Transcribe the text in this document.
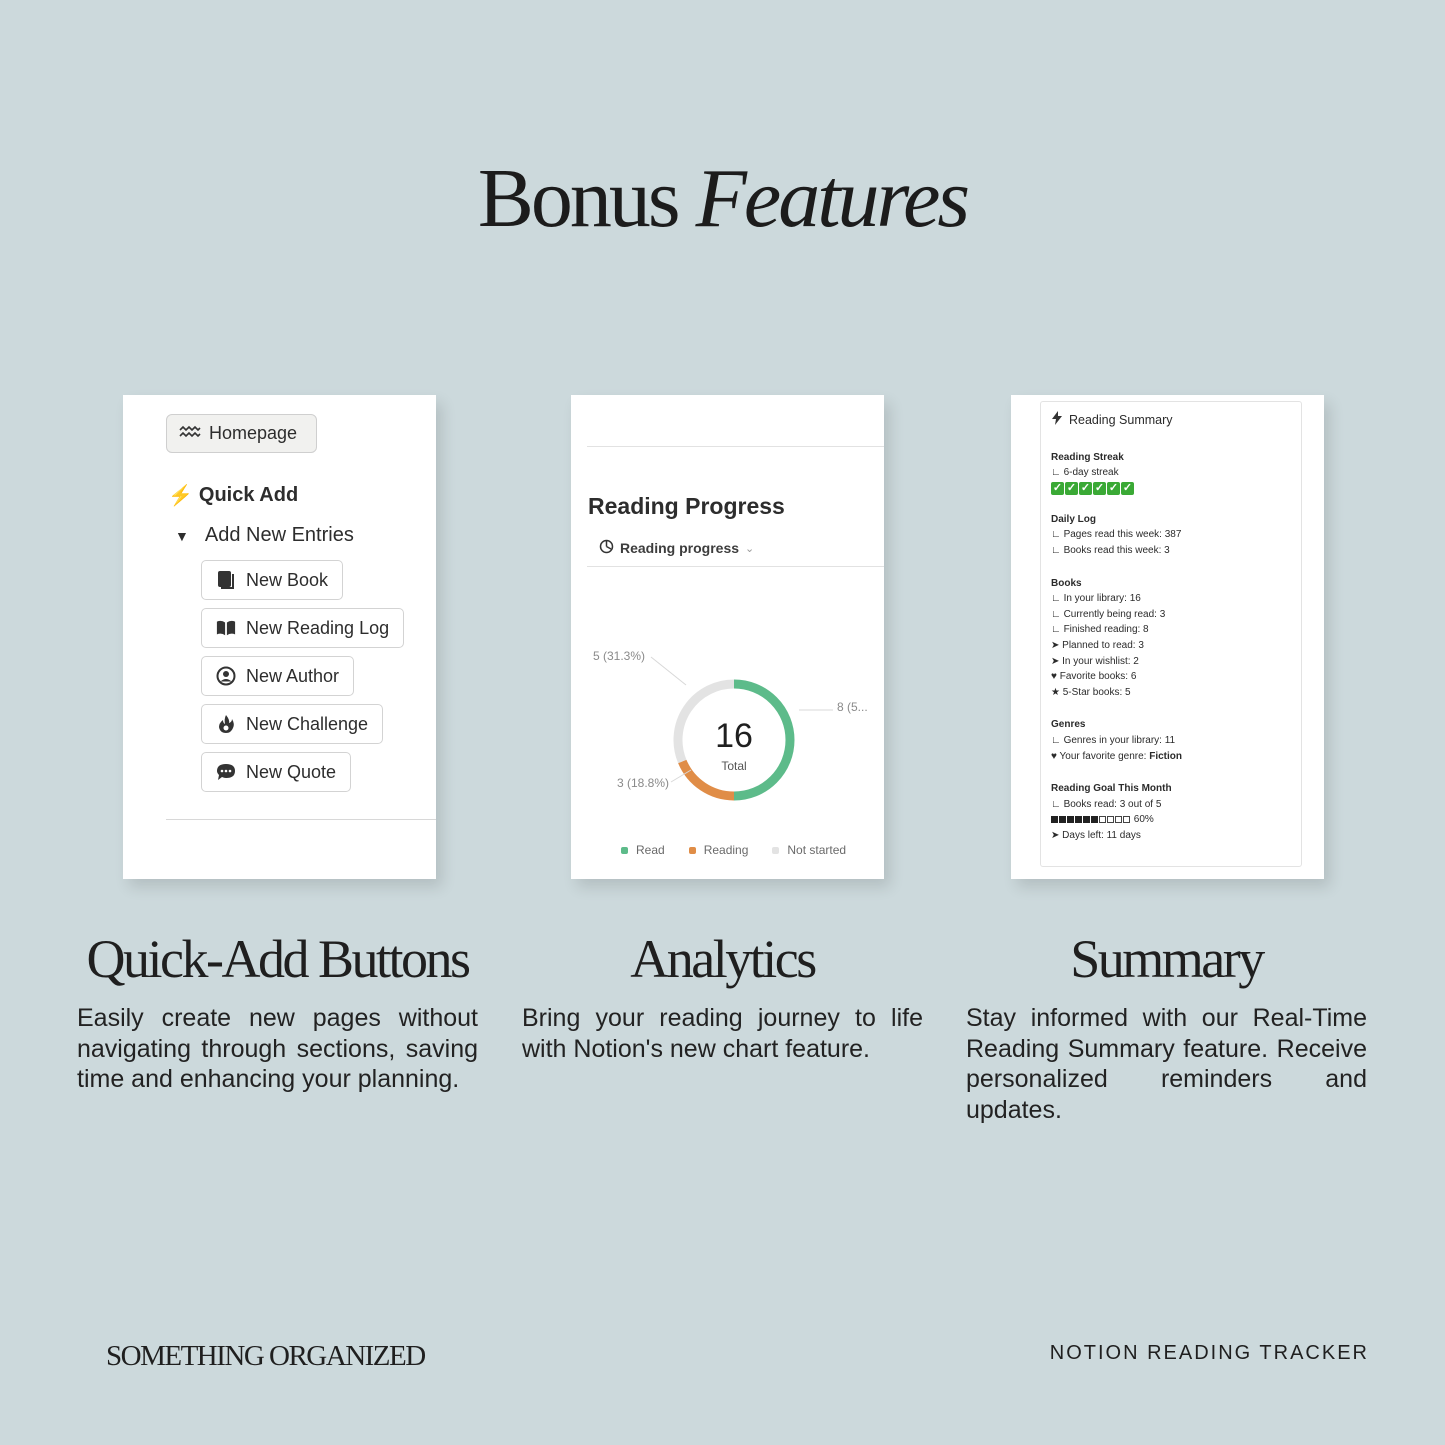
Bonus Features
Homepage
⚡ Quick Add
▼ Add New Entries
New Book
New Reading Log
New Author
New Challenge
New Quote
Reading Progress
Reading progress ⌄
16
Total
8 (5...
3 (18.8%)
5 (31.3%)
Read	Reading	Not started
Reading Summary
Reading Streak
∟ 6-day streak
✓ ✓ ✓ ✓ ✓ ✓
Daily Log
∟ Pages read this week: 387
∟ Books read this week: 3
Books
∟ In your library: 16
∟ Currently being read: 3
∟ Finished reading: 8
➤ Planned to read: 3
➤ In your wishlist: 2
♥ Favorite books: 6
★ 5-Star books: 5
Genres
∟ Genres in your library: 11
♥ Your favorite genre: Fiction
Reading Goal This Month
∟ Books read: 3 out of 5
60%
➤ Days left: 11 days
Quick-Add Buttons
Easily create new pages without navigating through sections, saving time and enhancing your planning.
Analytics
Bring your reading journey to life with Notion's new chart feature.
Summary
Stay informed with our Real-Time Reading Summary feature. Receive personalized reminders and updates.
SOMETHING ORGANIZED	NOTION READING TRACKER
